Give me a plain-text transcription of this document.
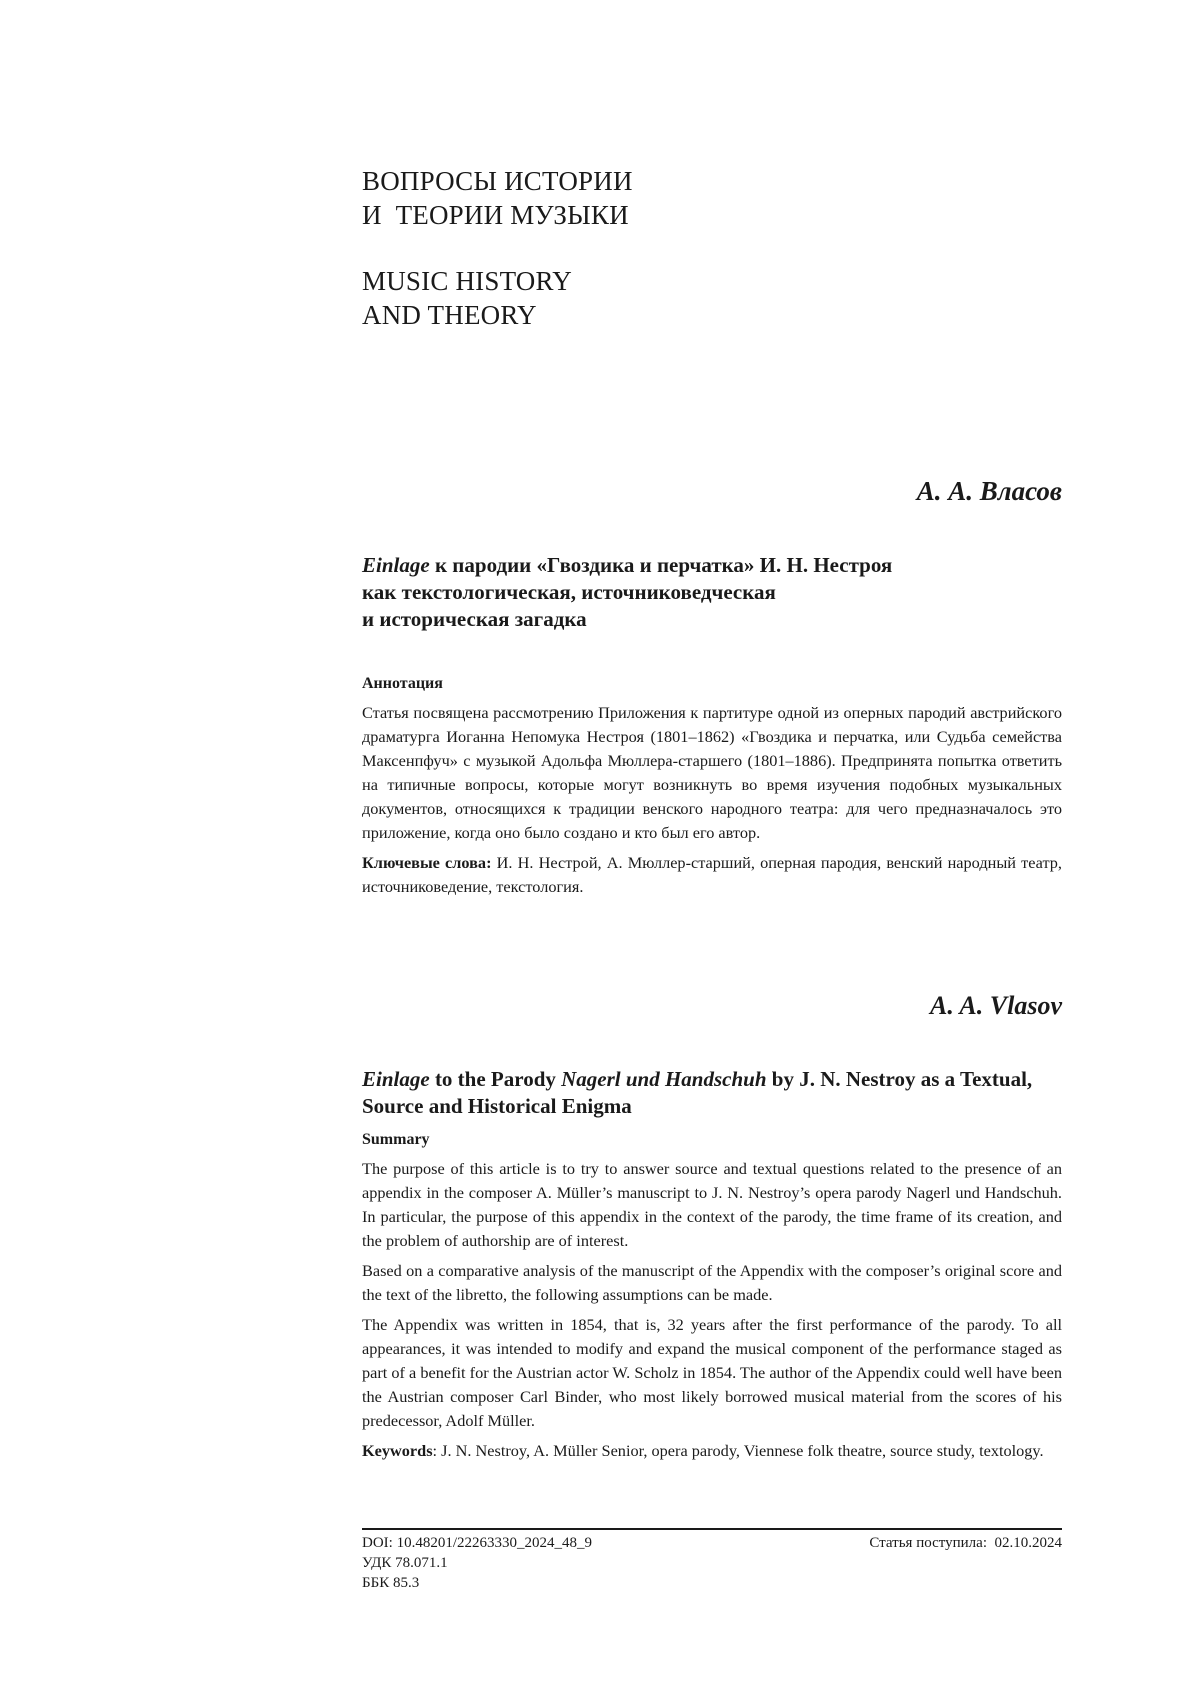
ВОПРОСЫ ИСТОРИИ
И  ТЕОРИИ МУЗЫКИ
MUSIC HISTORY
AND THEORY
А. А. Власов
Einlage к пародии «Гвоздика и перчатка» И. Н. Нестроя
как текстологическая, источниковедческая
и историческая загадка

Аннотация

Статья посвящена рассмотрению Приложения к партитуре одной из оперных пародий австрийского драматурга Иоганна Непомука Нестроя (1801–1862) «Гвоздика и перчатка, или Судьба семейства Максенпфуч» с музыкой Адольфа Мюллера-старшего (1801–1886). Предпринята попытка ответить на типичные вопросы, которые могут возникнуть во время изучения подобных музыкальных документов, относящихся к традиции венского народного театра: для чего предназначалось это приложение, когда оно было создано и кто был его автор.

Ключевые слова: И. Н. Нестрой, А. Мюллер-старший, оперная пародия, венский народный театр, источниковедение, текстология.

A. A. Vlasov
Einlage to the Parody Nagerl und Handschuh by J. N. Nestroy as a Textual,
Source and Historical Enigma

Summary

The purpose of this article is to try to answer source and textual questions related to the presence of an appendix in the composer A. Müller’s manuscript to J. N. Nestroy’s opera parody Nagerl und Handschuh. In particular, the purpose of this appendix in the context of the parody, the time frame of its creation, and the problem of authorship are of interest.

Based on a comparative analysis of the manuscript of the Appendix with the composer’s original score and the text of the libretto, the following assumptions can be made.

The Appendix was written in 1854, that is, 32 years after the first performance of the parody. To all appearances, it was intended to modify and expand the musical component of the performance staged as part of a benefit for the Austrian actor W. Scholz in 1854. The author of the Appendix could well have been the Austrian composer Carl Binder, who most likely borrowed musical material from the scores of his predecessor, Adolf Müller.

Keywords: J. N. Nestroy, A. Müller Senior, opera parody, Viennese folk theatre, source study, textology.

DOI: 10.48201/22263330_2024_48_9
УДК 78.071.1
ББК 85.3
Статья поступила:  02.10.2024
